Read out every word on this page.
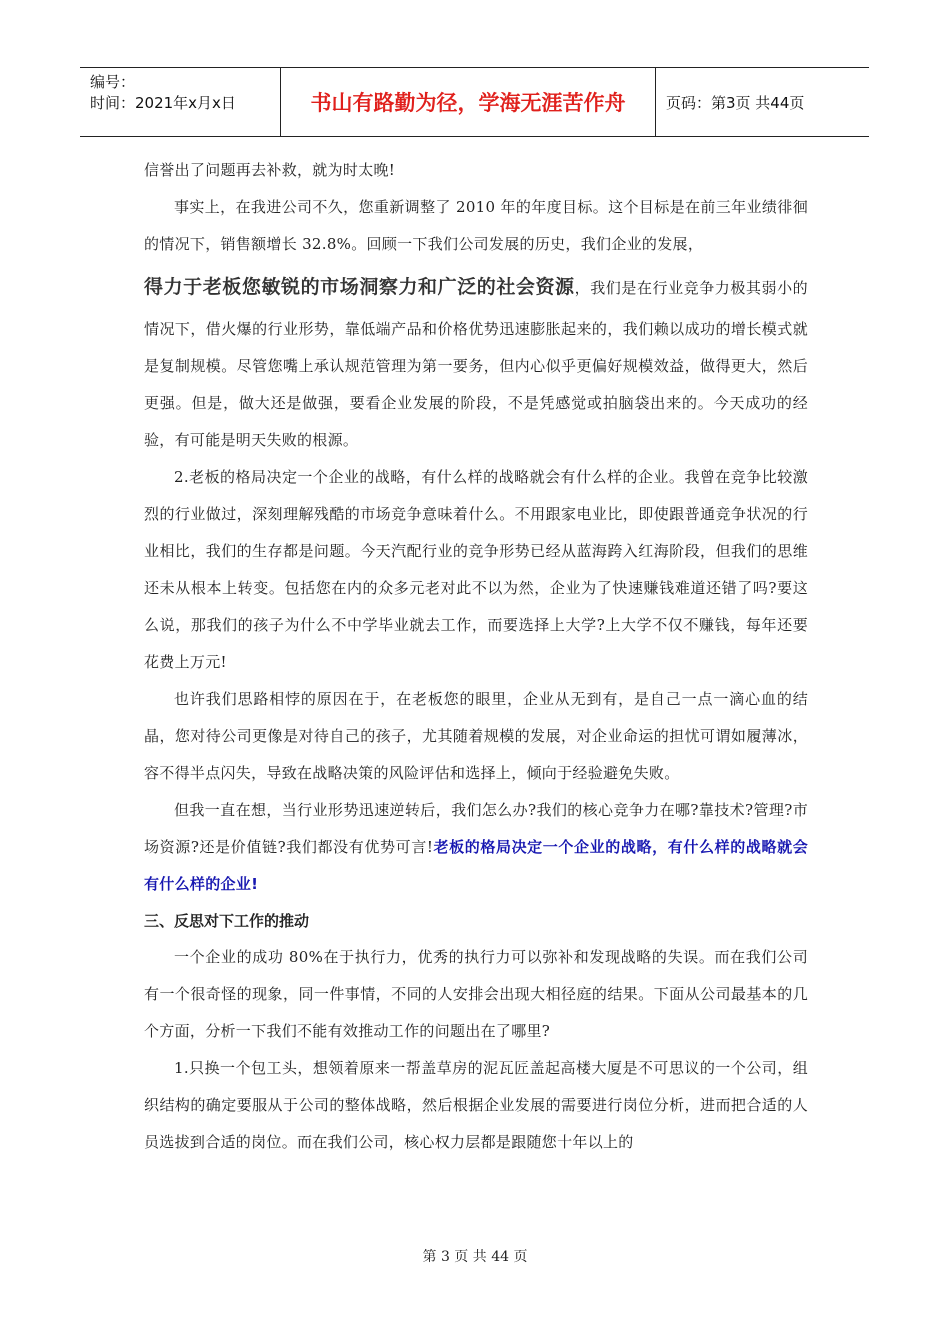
编号：
时间：2021年x月x日	书山有路勤为径，学海无涯苦作舟	页码：第3页 共44页

信誉出了问题再去补救，就为时太晚!

事实上，在我进公司不久，您重新调整了 2010 年的年度目标。这个目标是在前三年业绩徘徊的情况下，销售额增长 32.8%。回顾一下我们公司发展的历史，我们企业的发展，

得力于老板您敏锐的市场洞察力和广泛的社会资源，我们是在行业竞争力极其弱小的情况下，借火爆的行业形势，靠低端产品和价格优势迅速膨胀起来的，我们赖以成功的增长模式就是复制规模。尽管您嘴上承认规范管理为第一要务，但内心似乎更偏好规模效益，做得更大，然后更强。但是，做大还是做强，要看企业发展的阶段，不是凭感觉或拍脑袋出来的。今天成功的经验，有可能是明天失败的根源。

2.老板的格局决定一个企业的战略，有什么样的战略就会有什么样的企业。我曾在竞争比较激烈的行业做过，深刻理解残酷的市场竞争意味着什么。不用跟家电业比，即使跟普通竞争状况的行业相比，我们的生存都是问题。今天汽配行业的竞争形势已经从蓝海跨入红海阶段，但我们的思维还未从根本上转变。包括您在内的众多元老对此不以为然，企业为了快速赚钱难道还错了吗?要这么说，那我们的孩子为什么不中学毕业就去工作，而要选择上大学?上大学不仅不赚钱，每年还要花费上万元!

也许我们思路相悖的原因在于，在老板您的眼里，企业从无到有，是自己一点一滴心血的结晶，您对待公司更像是对待自己的孩子，尤其随着规模的发展，对企业命运的担忧可谓如履薄冰，容不得半点闪失，导致在战略决策的风险评估和选择上，倾向于经验避免失败。

但我一直在想，当行业形势迅速逆转后，我们怎么办?我们的核心竞争力在哪?靠技术?管理?市场资源?还是价值链?我们都没有优势可言!老板的格局决定一个企业的战略，有什么样的战略就会有什么样的企业!

三、反思对下工作的推动

一个企业的成功 80%在于执行力，优秀的执行力可以弥补和发现战略的失误。而在我们公司有一个很奇怪的现象，同一件事情，不同的人安排会出现大相径庭的结果。下面从公司最基本的几个方面，分析一下我们不能有效推动工作的问题出在了哪里?

1.只换一个包工头，想领着原来一帮盖草房的泥瓦匠盖起高楼大厦是不可思议的一个公司，组织结构的确定要服从于公司的整体战略，然后根据企业发展的需要进行岗位分析，进而把合适的人员选拔到合适的岗位。而在我们公司，核心权力层都是跟随您十年以上的

第 3 页 共 44 页
